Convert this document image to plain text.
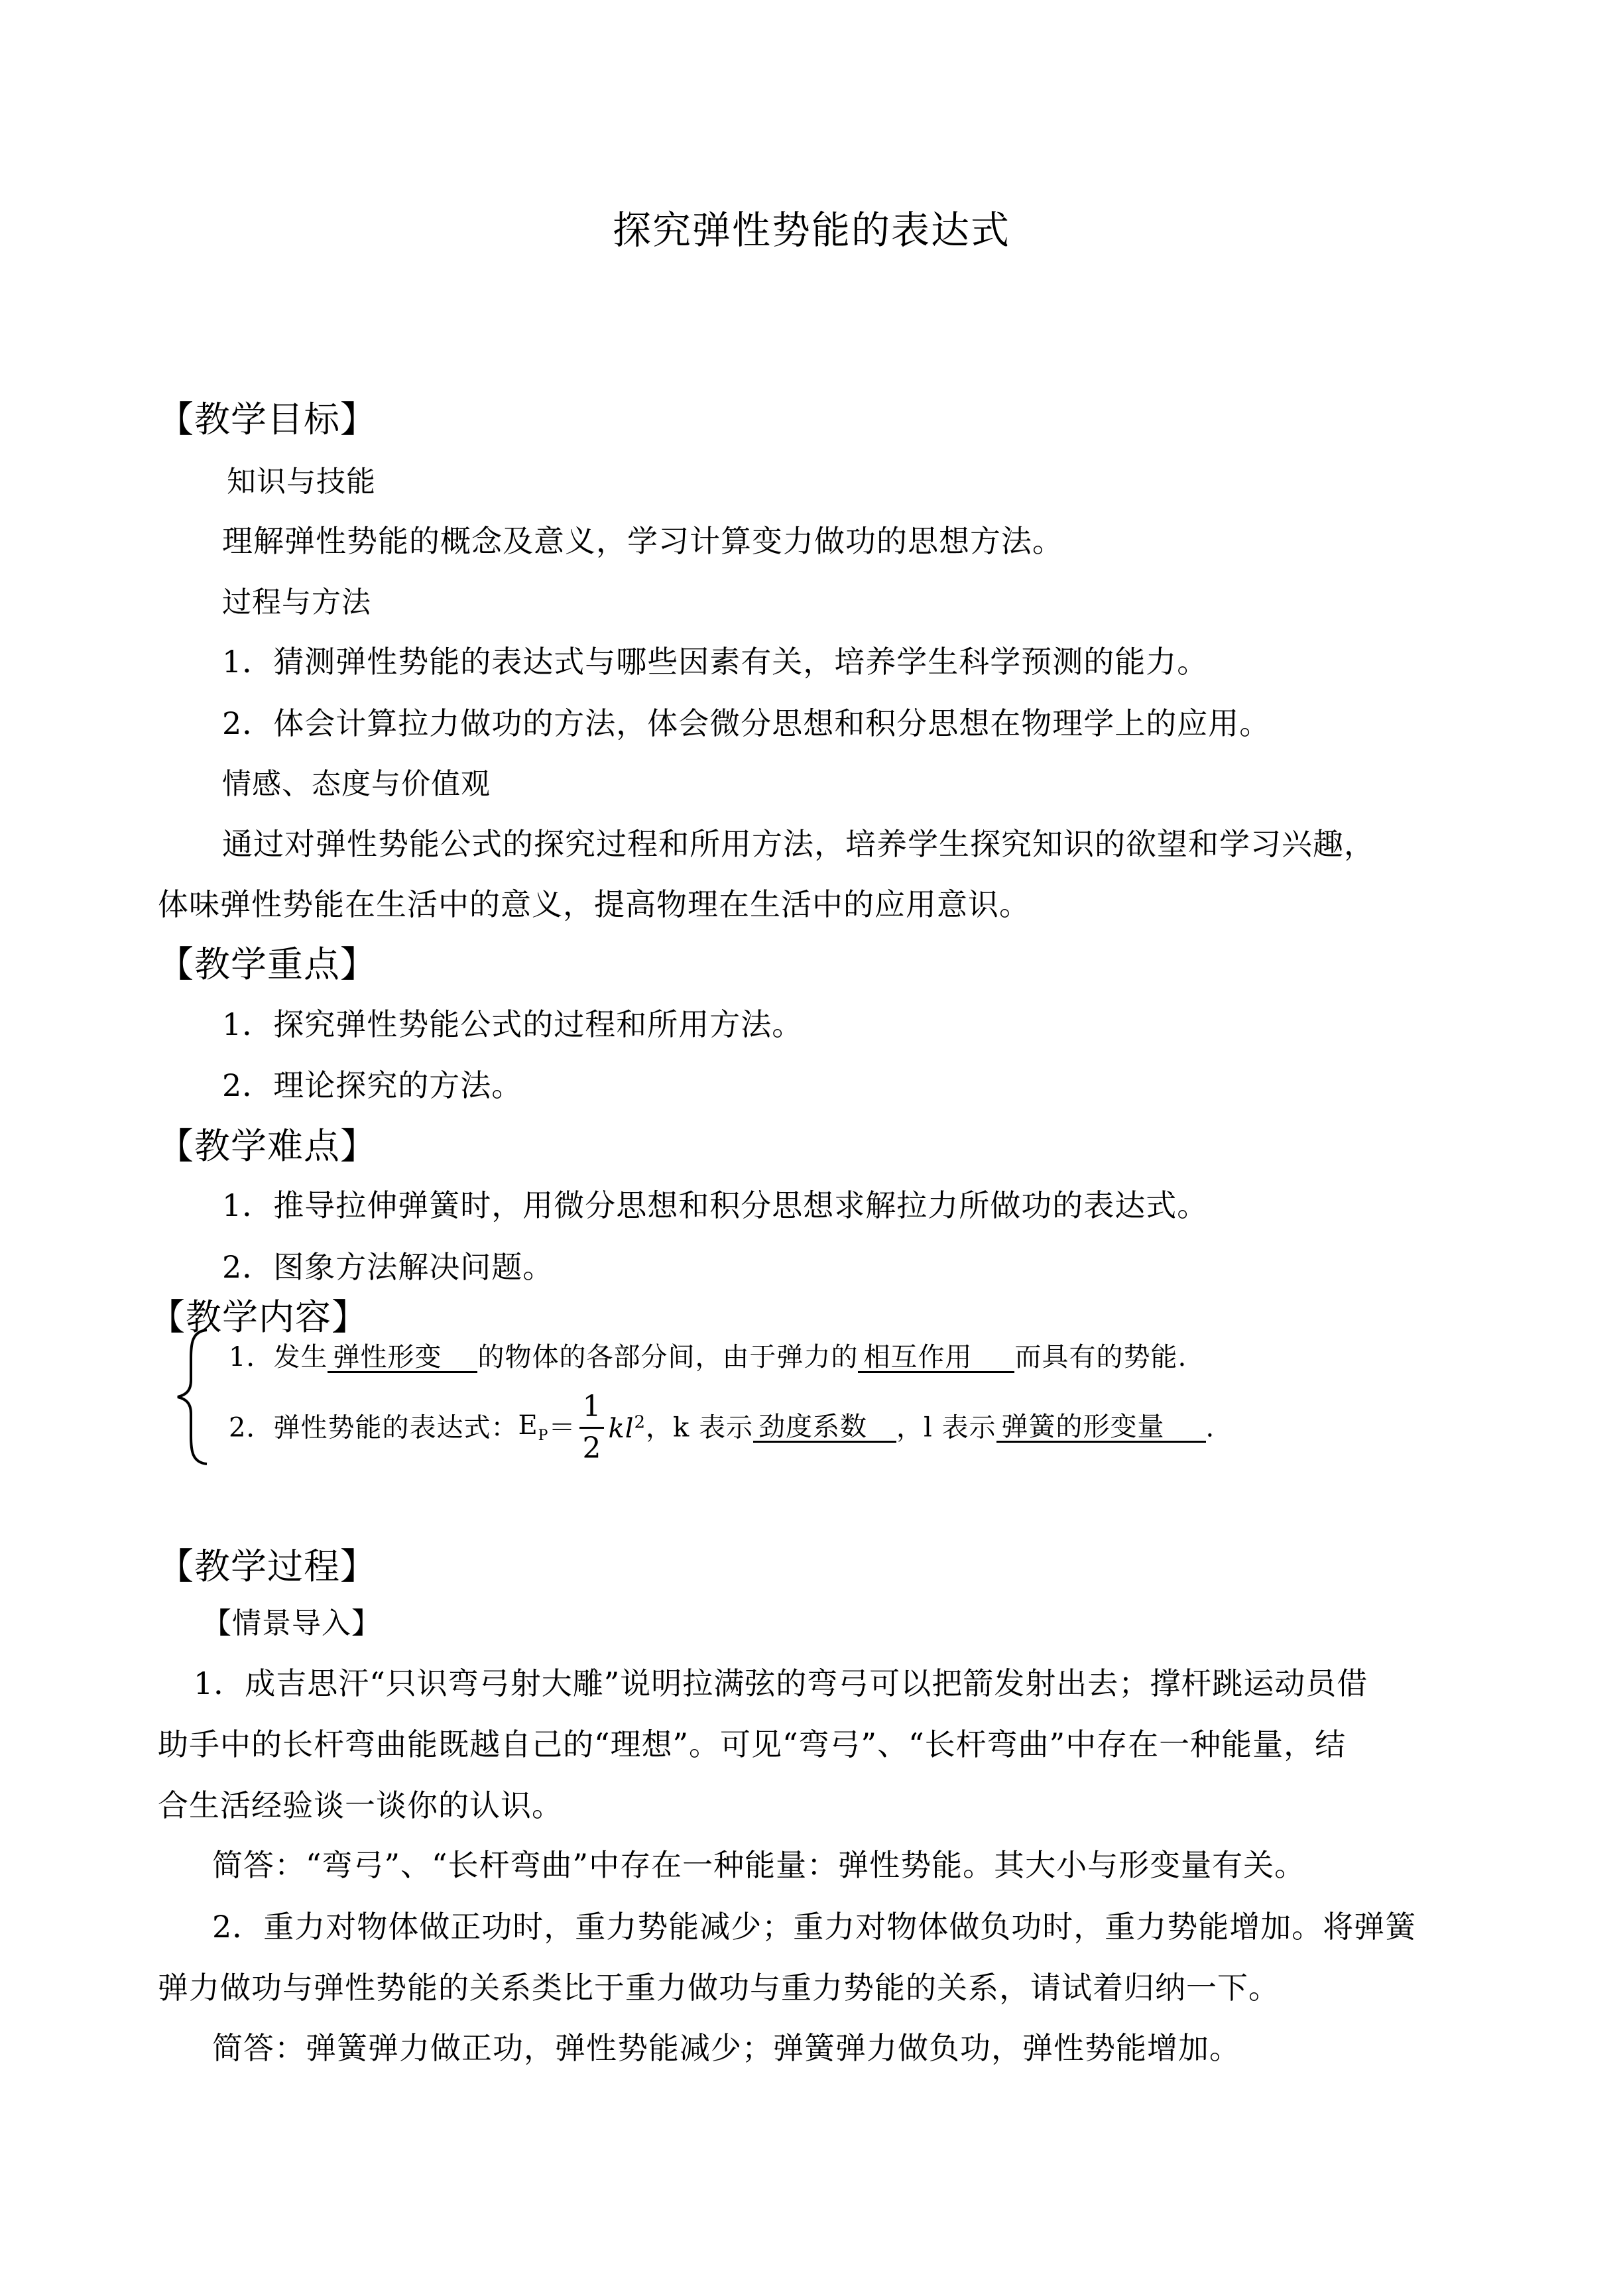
探究弹性势能的表达式
【教学目标】
知识与技能
理解弹性势能的概念及意义，学习计算变力做功的思想方法。
过程与方法
1．猜测弹性势能的表达式与哪些因素有关，培养学生科学预测的能力。
2．体会计算拉力做功的方法，体会微分思想和积分思想在物理学上的应用。
情感、态度与价值观
通过对弹性势能公式的探究过程和所用方法，培养学生探究知识的欲望和学习兴趣，
体味弹性势能在生活中的意义，提高物理在生活中的应用意识。
【教学重点】
1．探究弹性势能公式的过程和所用方法。
2．理论探究的方法。
【教学难点】
1．推导拉伸弹簧时，用微分思想和积分思想求解拉力所做功的表达式。
2．图象方法解决问题。
【教学内容】
1．发生 弹性形变 的物体的各部分间，由于弹力的 相互作用 而具有的势能.
2．弹性势能的表达式：$E_P= \frac{1}{2} kl^2$，k 表示 劲度系数 ，l 表示 弹簧的形变量 .
【教学过程】
【情景导入】
1．成吉思汗“只识弯弓射大雕”说明拉满弦的弯弓可以把箭发射出去；撑杆跳运动员借
助手中的长杆弯曲能既越自己的“理想”。可见“弯弓”、“长杆弯曲”中存在一种能量，结
合生活经验谈一谈你的认识。
简答：“弯弓”、“长杆弯曲”中存在一种能量：弹性势能。其大小与形变量有关。
2．重力对物体做正功时，重力势能减少；重力对物体做负功时，重力势能增加。将弹簧
弹力做功与弹性势能的关系类比于重力做功与重力势能的关系，请试着归纳一下。
简答：弹簧弹力做正功，弹性势能减少；弹簧弹力做负功，弹性势能增加。
